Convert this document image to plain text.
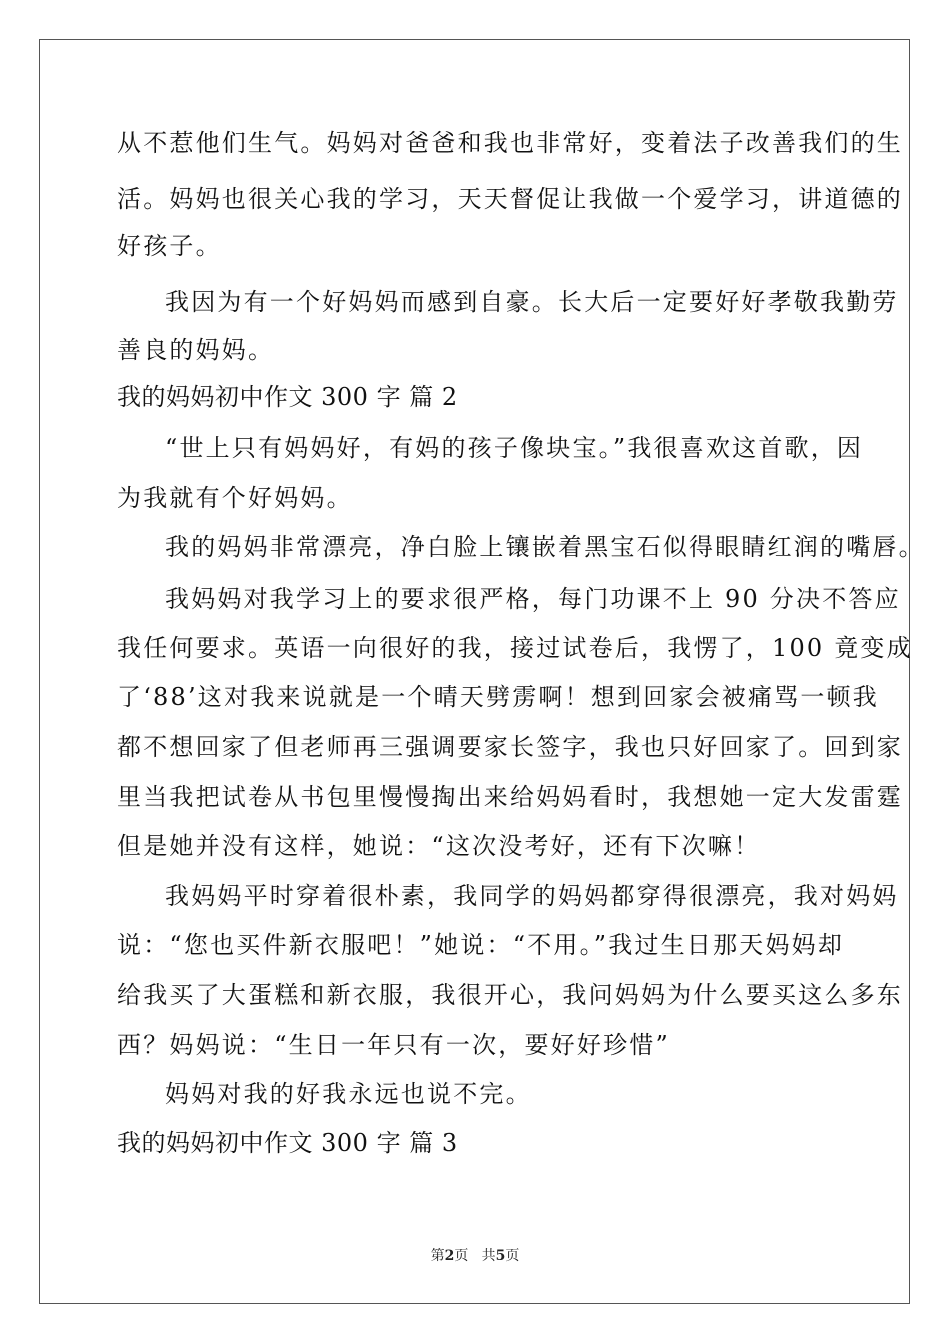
从不惹他们生气。妈妈对爸爸和我也非常好，变着法子改善我们的生
活。妈妈也很关心我的学习，天天督促让我做一个爱学习，讲道德的
好孩子。
我因为有一个好妈妈而感到自豪。长大后一定要好好孝敬我勤劳
善良的妈妈。
我的妈妈初中作文 300 字 篇 2
“世上只有妈妈好，有妈的孩子像块宝。”我很喜欢这首歌，因
为我就有个好妈妈。
我的妈妈非常漂亮，净白脸上镶嵌着黑宝石似得眼睛红润的嘴唇。
我妈妈对我学习上的要求很严格，每门功课不上 90 分决不答应
我任何要求。英语一向很好的我，接过试卷后，我愣了，100 竟变成
了‘88’这对我来说就是一个晴天劈雳啊！想到回家会被痛骂一顿我
都不想回家了但老师再三强调要家长签字，我也只好回家了。回到家
里当我把试卷从书包里慢慢掏出来给妈妈看时，我想她一定大发雷霆
但是她并没有这样，她说：“这次没考好，还有下次嘛！
我妈妈平时穿着很朴素，我同学的妈妈都穿得很漂亮，我对妈妈
说：“您也买件新衣服吧！”她说：“不用。”我过生日那天妈妈却
给我买了大蛋糕和新衣服，我很开心，我问妈妈为什么要买这么多东
西？妈妈说：“生日一年只有一次，要好好珍惜”
妈妈对我的好我永远也说不完。
我的妈妈初中作文 300 字 篇 3
第2页 共5页
